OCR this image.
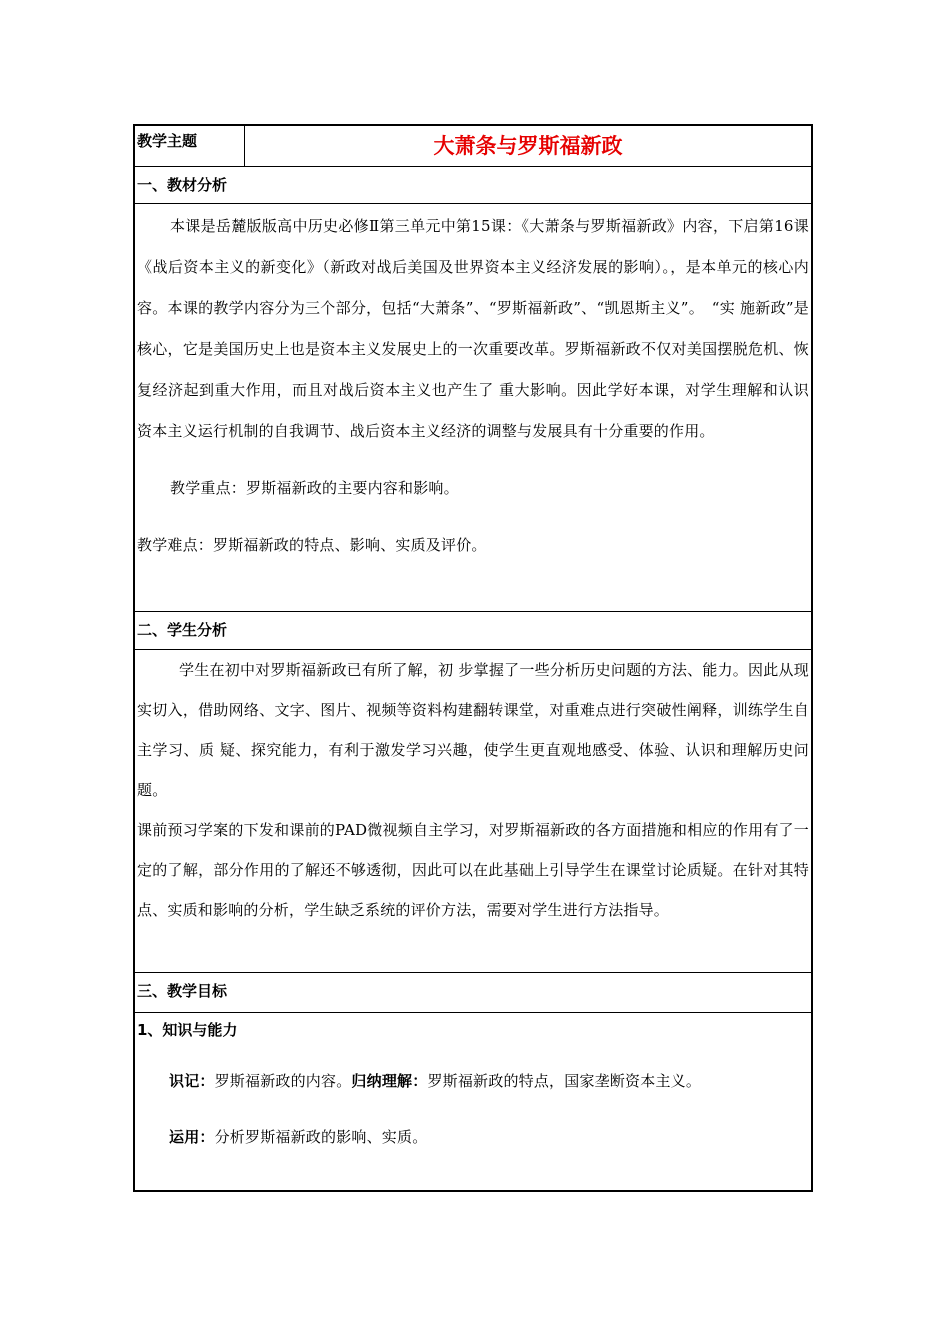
教学主题	大萧条与罗斯福新政
一、教材分析

本课是岳麓版版高中历史必修Ⅱ第三单元中第15课：《大萧条与罗斯福新政》内容，下启第16课《战后资本主义的新变化》（新政对战后美国及世界资本主义经济发展的影响）。，是本单元的核心内容。本课的教学内容分为三个部分，包括“大萧条”、“罗斯福新政”、“凯恩斯主义”。　“实 施新政”是核心，它是美国历史上也是资本主义发展史上的一次重要改革。罗斯福新政不仅对美国摆脱危机、恢复经济起到重大作用，而且对战后资本主义也产生了 重大影响。因此学好本课，对学生理解和认识资本主义运行机制的自我调节、战后资本主义经济的调整与发展具有十分重要的作用。

教学重点：罗斯福新政的主要内容和影响。

教学难点：罗斯福新政的特点、影响、实质及评价。

二、学生分析

学生在初中对罗斯福新政已有所了解，初 步掌握了一些分析历史问题的方法、能力。因此从现实切入，借助网络、文字、图片、视频等资料构建翻转课堂，对重难点进行突破性阐释，训练学生自主学习、质 疑、探究能力，有利于激发学习兴趣，使学生更直观地感受、体验、认识和理解历史问题。

课前预习学案的下发和课前的PAD微视频自主学习，对罗斯福新政的各方面措施和相应的作用有了一定的了解，部分作用的了解还不够透彻，因此可以在此基础上引导学生在课堂讨论质疑。在针对其特点、实质和影响的分析，学生缺乏系统的评价方法，需要对学生进行方法指导。

三、教学目标
1、知识与能力

识记：罗斯福新政的内容。归纳理解：罗斯福新政的特点，国家垄断资本主义。

运用：分析罗斯福新政的影响、实质。
